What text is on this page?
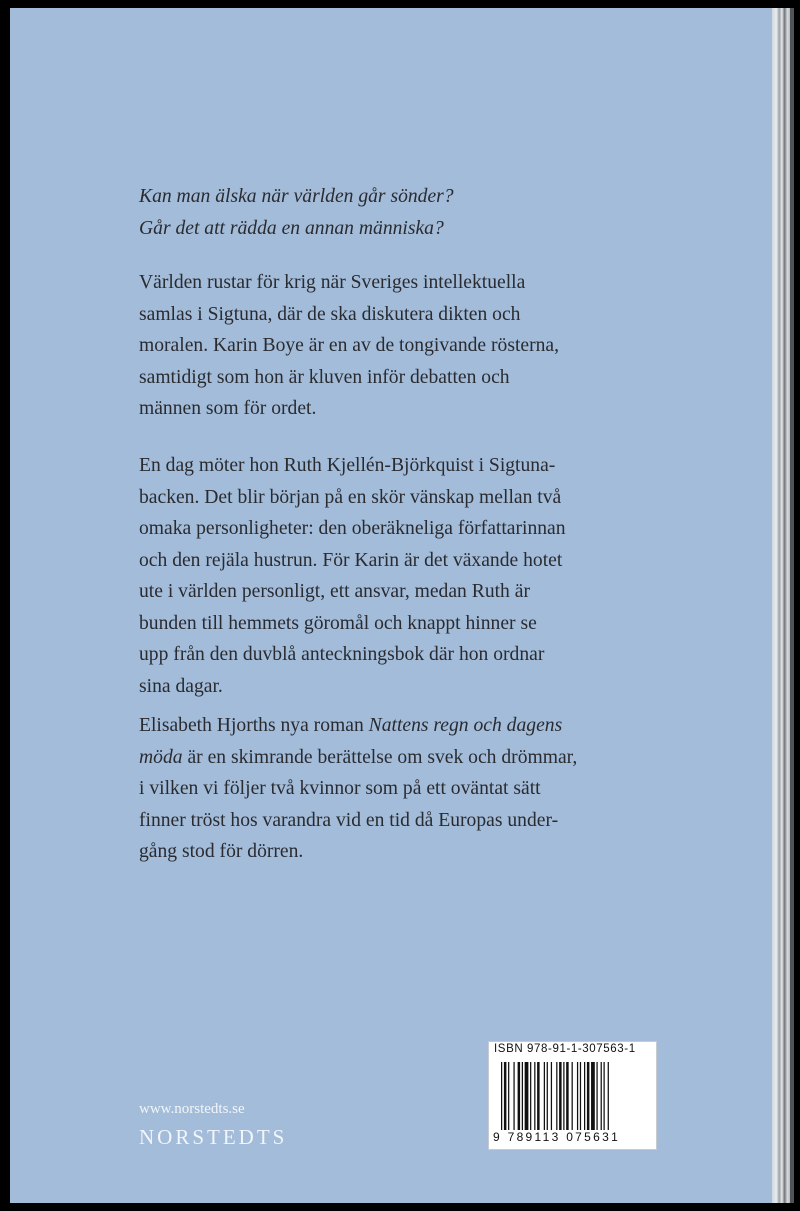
Kan man älska när världen går sönder?

Går det att rädda en annan människa?

Världen rustar för krig när Sveriges intellektuella

samlas i Sigtuna, där de ska diskutera dikten och

moralen. Karin Boye är en av de tongivande rösterna,

samtidigt som hon är kluven inför debatten och

männen som för ordet.

En dag möter hon Ruth Kjellén-Björkquist i Sigtuna-

backen. Det blir början på en skör vänskap mellan två

omaka personligheter: den oberäkneliga författarinnan

och den rejäla hustrun. För Karin är det växande hotet

ute i världen personligt, ett ansvar, medan Ruth är

bunden till hemmets göromål och knappt hinner se

upp från den duvblå anteckningsbok där hon ordnar

sina dagar.

Elisabeth Hjorths nya roman Nattens regn och dagens

möda är en skimrande berättelse om svek och drömmar,

i vilken vi följer två kvinnor som på ett oväntat sätt

finner tröst hos varandra vid en tid då Europas under-

gång stod för dörren.

www.norstedts.se
NORSTEDTS
ISBN 978-91-1-307563-1
9 789113 075631
